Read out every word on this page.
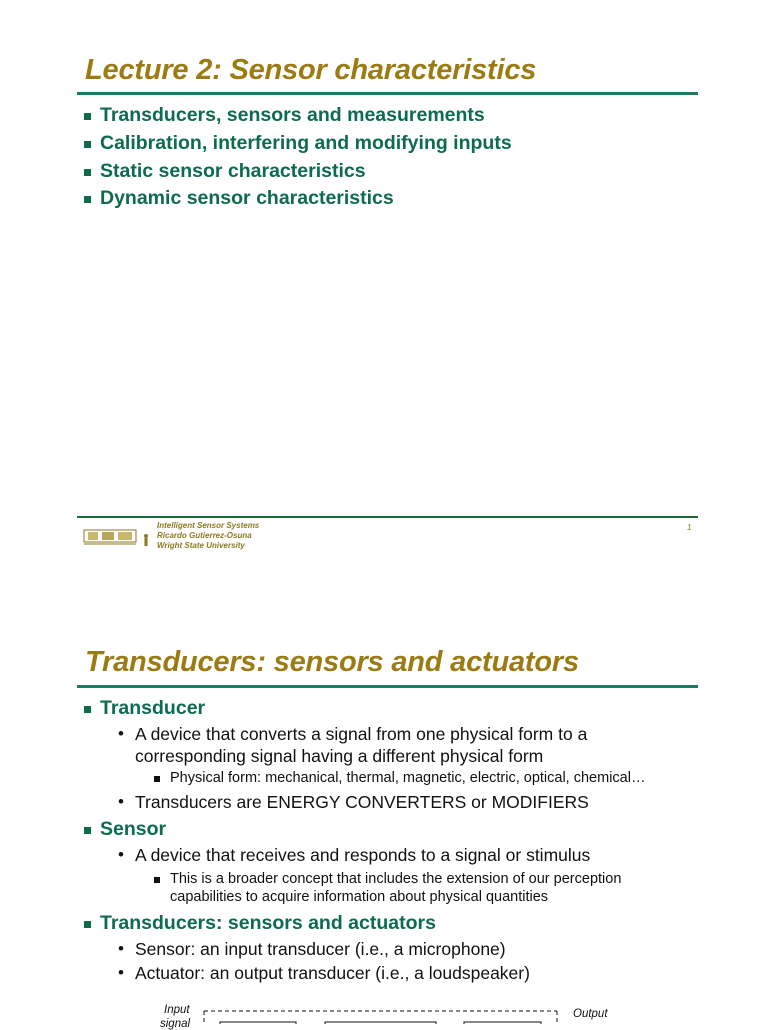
Lecture 2: Sensor characteristics
Transducers, sensors and measurements
Calibration, interfering and modifying inputs
Static sensor characteristics
Dynamic sensor characteristics
Intelligent Sensor Systems
Ricardo Gutierrez-Osuna
Wright State University
1
Transducers: sensors and actuators
Transducer
• A device that converts a signal from one physical form to a
corresponding signal having a different physical form
Physical form: mechanical, thermal, magnetic, electric, optical, chemical…
• Transducers are ENERGY CONVERTERS or MODIFIERS
Sensor
• A device that receives and responds to a signal or stimulus
This is a broader concept that includes the extension of our perception
capabilities to acquire information about physical quantities
Transducers: sensors and actuators
• Sensor: an input transducer (i.e., a microphone)
• Actuator: an output transducer (i.e., a loudspeaker)
Input
signal
Output
